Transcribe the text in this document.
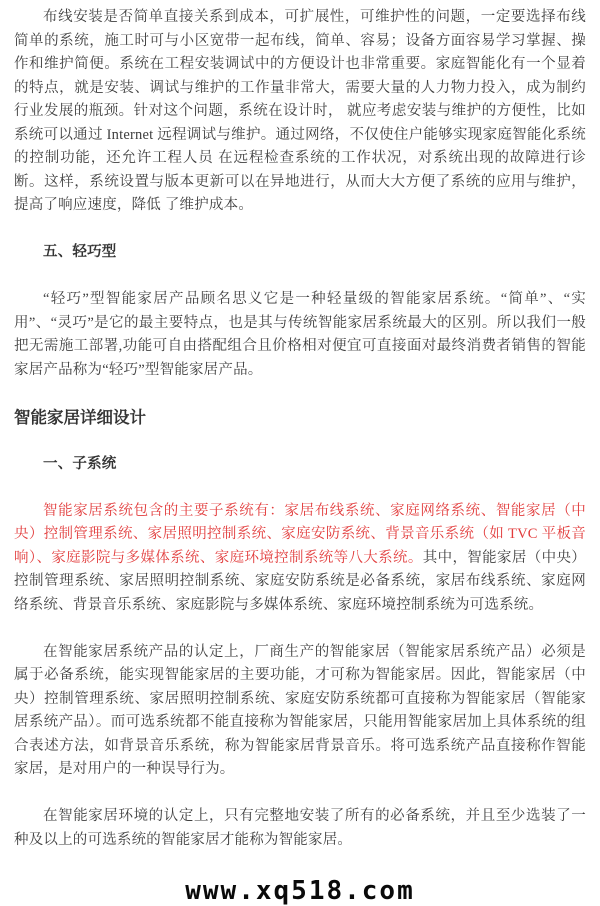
布线安装是否简单直接关系到成本，可扩展性，可维护性的问题，一定要选择布线简单的系统，施工时可与小区宽带一起布线，简单、容易；设备方面容易学习掌握、操作和维护简便。系统在工程安装调试中的方便设计也非常重要。家庭智能化有一个显着的特点，就是安装、调试与维护的工作量非常大，需要大量的人力物力投入，成为制约行业发展的瓶颈。针对这个问题，系统在设计时， 就应考虑安装与维护的方便性，比如系统可以通过 Internet 远程调试与维护。通过网络，不仅使住户能够实现家庭智能化系统的控制功能，还允许工程人员 在远程检查系统的工作状况，对系统出现的故障进行诊断。这样，系统设置与版本更新可以在异地进行，从而大大方便了系统的应用与维护，提高了响应速度，降低 了维护成本。

五、轻巧型

“轻巧”型智能家居产品顾名思义它是一种轻量级的智能家居系统。“简单”、“实用”、“灵巧”是它的最主要特点，也是其与传统智能家居系统最大的区别。所以我们一般把无需施工部署,功能可自由搭配组合且价格相对便宜可直接面对最终消费者销售的智能家居产品称为“轻巧”型智能家居产品。

智能家居详细设计
一、子系统

智能家居系统包含的主要子系统有：家居布线系统、家庭网络系统、智能家居（中央）控制管理系统、家居照明控制系统、家庭安防系统、背景音乐系统（如 TVC 平板音响）、家庭影院与多媒体系统、家庭环境控制系统等八大系统。其中，智能家居（中央）控制管理系统、家居照明控制系统、家庭安防系统是必备系统，家居布线系统、家庭网络系统、背景音乐系统、家庭影院与多媒体系统、家庭环境控制系统为可选系统。

在智能家居系统产品的认定上，厂商生产的智能家居（智能家居系统产品）必须是属于必备系统，能实现智能家居的主要功能，才可称为智能家居。因此，智能家居（中央）控制管理系统、家居照明控制系统、家庭安防系统都可直接称为智能家居（智能家居系统产品）。而可选系统都不能直接称为智能家居，只能用智能家居加上具体系统的组合表述方法，如背景音乐系统，称为智能家居背景音乐。将可选系统产品直接称作智能家居，是对用户的一种误导行为。

在智能家居环境的认定上，只有完整地安装了所有的必备系统，并且至少选装了一种及以上的可选系统的智能家居才能称为智能家居。

www.xq518.com
